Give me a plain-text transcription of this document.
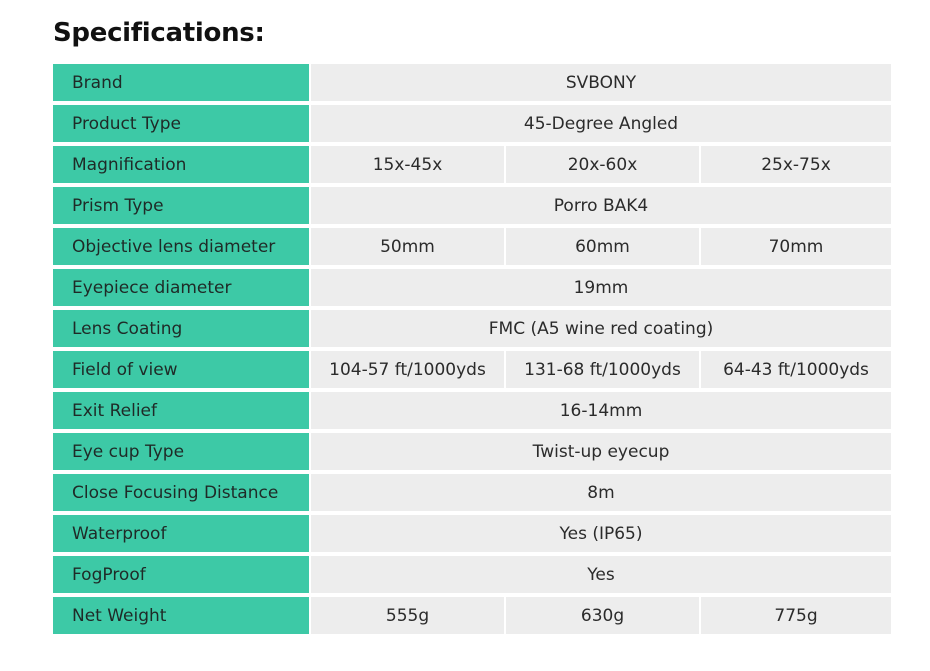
Specifications:
Brand	SVBONY
Product Type	45-Degree Angled
Magnification	15x-45x	20x-60x	25x-75x
Prism Type	Porro BAK4
Objective lens diameter	50mm	60mm	70mm
Eyepiece diameter	19mm
Lens Coating	FMC (A5 wine red coating)
Field of view	104-57 ft/1000yds	131-68 ft/1000yds	64-43 ft/1000yds
Exit Relief	16-14mm
Eye cup Type	Twist-up eyecup
Close Focusing Distance	8m
Waterproof	Yes (IP65)
FogProof	Yes
Net Weight	555g	630g	775g
